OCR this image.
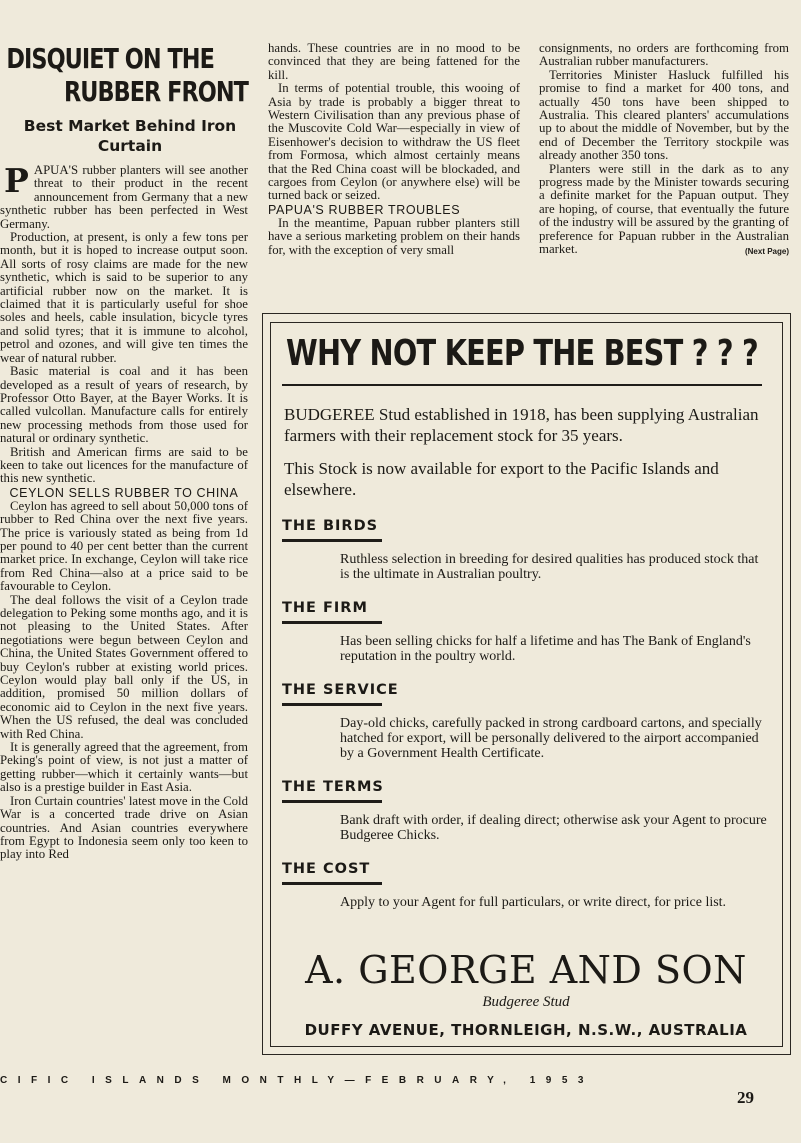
DISQUIET ON THE
RUBBER FRONT
Best Market Behind Iron Curtain

PAPUA'S rubber planters will see another threat to their product in the recent announcement from Germany that a new synthetic rubber has been perfected in West Germany.

Production, at present, is only a few tons per month, but it is hoped to increase output soon. All sorts of rosy claims are made for the new synthetic, which is said to be superior to any artificial rubber now on the market. It is claimed that it is particularly useful for shoe soles and heels, cable insulation, bicycle tyres and solid tyres; that it is immune to alcohol, petrol and ozones, and will give ten times the wear of natural rubber.

Basic material is coal and it has been developed as a result of years of research, by Professor Otto Bayer, at the Bayer Works. It is called vulcollan. Manufacture calls for entirely new processing methods from those used for natural or ordinary synthetic.

British and American firms are said to be keen to take out licences for the manufacture of this new synthetic.

CEYLON SELLS RUBBER TO CHINA

Ceylon has agreed to sell about 50,000 tons of rubber to Red China over the next five years. The price is variously stated as being from 1d per pound to 40 per cent better than the current market price. In exchange, Ceylon will take rice from Red China—also at a price said to be favourable to Ceylon.

The deal follows the visit of a Ceylon trade delegation to Peking some months ago, and it is not pleasing to the United States. After negotiations were begun between Ceylon and China, the United States Government offered to buy Ceylon's rubber at existing world prices. Ceylon would play ball only if the US, in addition, promised 50 million dollars of economic aid to Ceylon in the next five years. When the US refused, the deal was concluded with Red China.

It is generally agreed that the agreement, from Peking's point of view, is not just a matter of getting rubber—which it certainly wants—but also is a prestige builder in East Asia.

Iron Curtain countries' latest move in the Cold War is a concerted trade drive on Asian countries. And Asian countries everywhere from Egypt to Indonesia seem only too keen to play into Red

hands. These countries are in no mood to be convinced that they are being fattened for the kill.

In terms of potential trouble, this wooing of Asia by trade is probably a bigger threat to Western Civilisation than any previous phase of the Muscovite Cold War—especially in view of Eisenhower's decision to withdraw the US fleet from Formosa, which almost certainly means that the Red China coast will be blockaded, and cargoes from Ceylon (or anywhere else) will be turned back or seized.

PAPUA'S RUBBER TROUBLES

In the meantime, Papuan rubber planters still have a serious marketing problem on their hands for, with the exception of very small

consignments, no orders are forthcoming from Australian rubber manufacturers.

Territories Minister Hasluck fulfilled his promise to find a market for 400 tons, and actually 450 tons have been shipped to Australia. This cleared planters' accumulations up to about the middle of November, but by the end of December the Territory stockpile was already another 350 tons.

Planters were still in the dark as to any progress made by the Minister towards securing a definite market for the Papuan output. They are hoping, of course, that eventually the future of the industry will be assured by the granting of preference for Papuan rubber in the Australian market.	(Next Page)

WHY NOT KEEP THE BEST ? ? ?

BUDGEREE Stud established in 1918, has been supplying Australian farmers with their replacement stock for 35 years.

This Stock is now available for export to the Pacific Islands and elsewhere.

THE BIRDS

Ruthless selection in breeding for desired qualities has produced stock that is the ultimate in Australian poultry.

THE FIRM

Has been selling chicks for half a lifetime and has The Bank of England's reputation in the poultry world.

THE SERVICE

Day-old chicks, carefully packed in strong cardboard cartons, and specially hatched for export, will be personally delivered to the airport accompanied by a Government Health Certificate.

THE TERMS

Bank draft with order, if dealing direct; otherwise ask your Agent to procure Budgeree Chicks.

THE COST

Apply to your Agent for full particulars, or write direct, for price list.

A. GEORGE AND SON
Budgeree Stud
DUFFY AVENUE, THORNLEIGH, N.S.W., AUSTRALIA
CIFIC ISLANDS MONTHLY—FEBRUARY, 1953
29
